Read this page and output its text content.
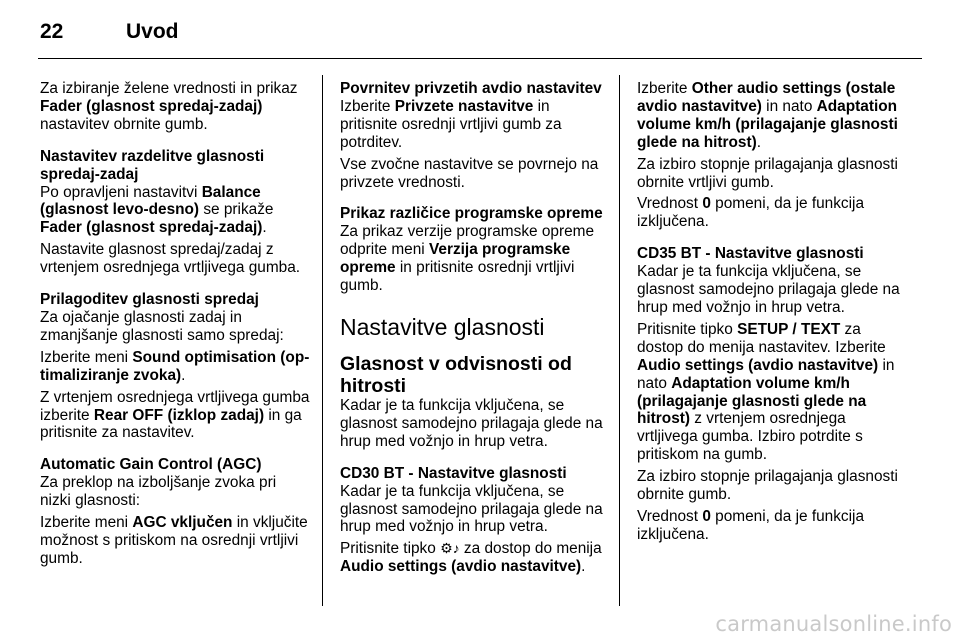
22	Uvod

Za izbiranje želene vrednosti in prikaz Fader (glasnost spredaj-zadaj) nastavitev obrnite gumb.

Nastavitev razdelitve glasnosti spredaj-zadaj
Po opravljeni nastavitvi Balance (glasnost levo-desno) se prikaže Fader (glasnost spredaj-zadaj).

Nastavite glasnost spredaj/zadaj z vrtenjem osrednjega vrtljivega gumba.

Prilagoditev glasnosti spredaj
Za ojačanje glasnosti zadaj in zmanjšanje glasnosti samo spredaj:

Izberite meni Sound optimisation (op-timaliziranje zvoka).

Z vrtenjem osrednjega vrtljivega gumba izberite Rear OFF (izklop zadaj) in ga pritisnite za nastavitev.

Automatic Gain Control (AGC)
Za preklop na izboljšanje zvoka pri nizki glasnosti:

Izberite meni AGC vključen in vključite možnost s pritiskom na osrednji vrtljivi gumb.

Povrnitev privzetih avdio nastavitev
Izberite Privzete nastavitve in pritisnite osrednji vrtljivi gumb za potrditev.

Vse zvočne nastavitve se povrnejo na privzete vrednosti.

Prikaz različice programske opreme
Za prikaz verzije programske opreme odprite meni Verzija programske opreme in pritisnite osrednji vrtljivi gumb.

Nastavitve glasnosti
Glasnost v odvisnosti od hitrosti

Kadar je ta funkcija vključena, se glasnost samodejno prilagaja glede na hrup med vožnjo in hrup vetra.

CD30 BT - Nastavitve glasnosti
Kadar je ta funkcija vključena, se glasnost samodejno prilagaja glede na hrup med vožnjo in hrup vetra.

Pritisnite tipko ⚙♪ za dostop do menija Audio settings (avdio nastavitve).

Izberite Other audio settings (ostale avdio nastavitve) in nato Adaptation volume km/h (prilagajanje glasnosti glede na hitrost).

Za izbiro stopnje prilagajanja glasnosti obrnite vrtljivi gumb.

Vrednost 0 pomeni, da je funkcija izključena.

CD35 BT - Nastavitve glasnosti
Kadar je ta funkcija vključena, se glasnost samodejno prilagaja glede na hrup med vožnjo in hrup vetra.

Pritisnite tipko SETUP / TEXT za dostop do menija nastavitev. Izberite Audio settings (avdio nastavitve) in nato Adaptation volume km/h (prilagajanje glasnosti glede na hitrost) z vrtenjem osrednjega vrtljivega gumba. Izbiro potrdite s pritiskom na gumb.

Za izbiro stopnje prilagajanja glasnosti obrnite gumb.

Vrednost 0 pomeni, da je funkcija izključena.

carmanualsonline.info
